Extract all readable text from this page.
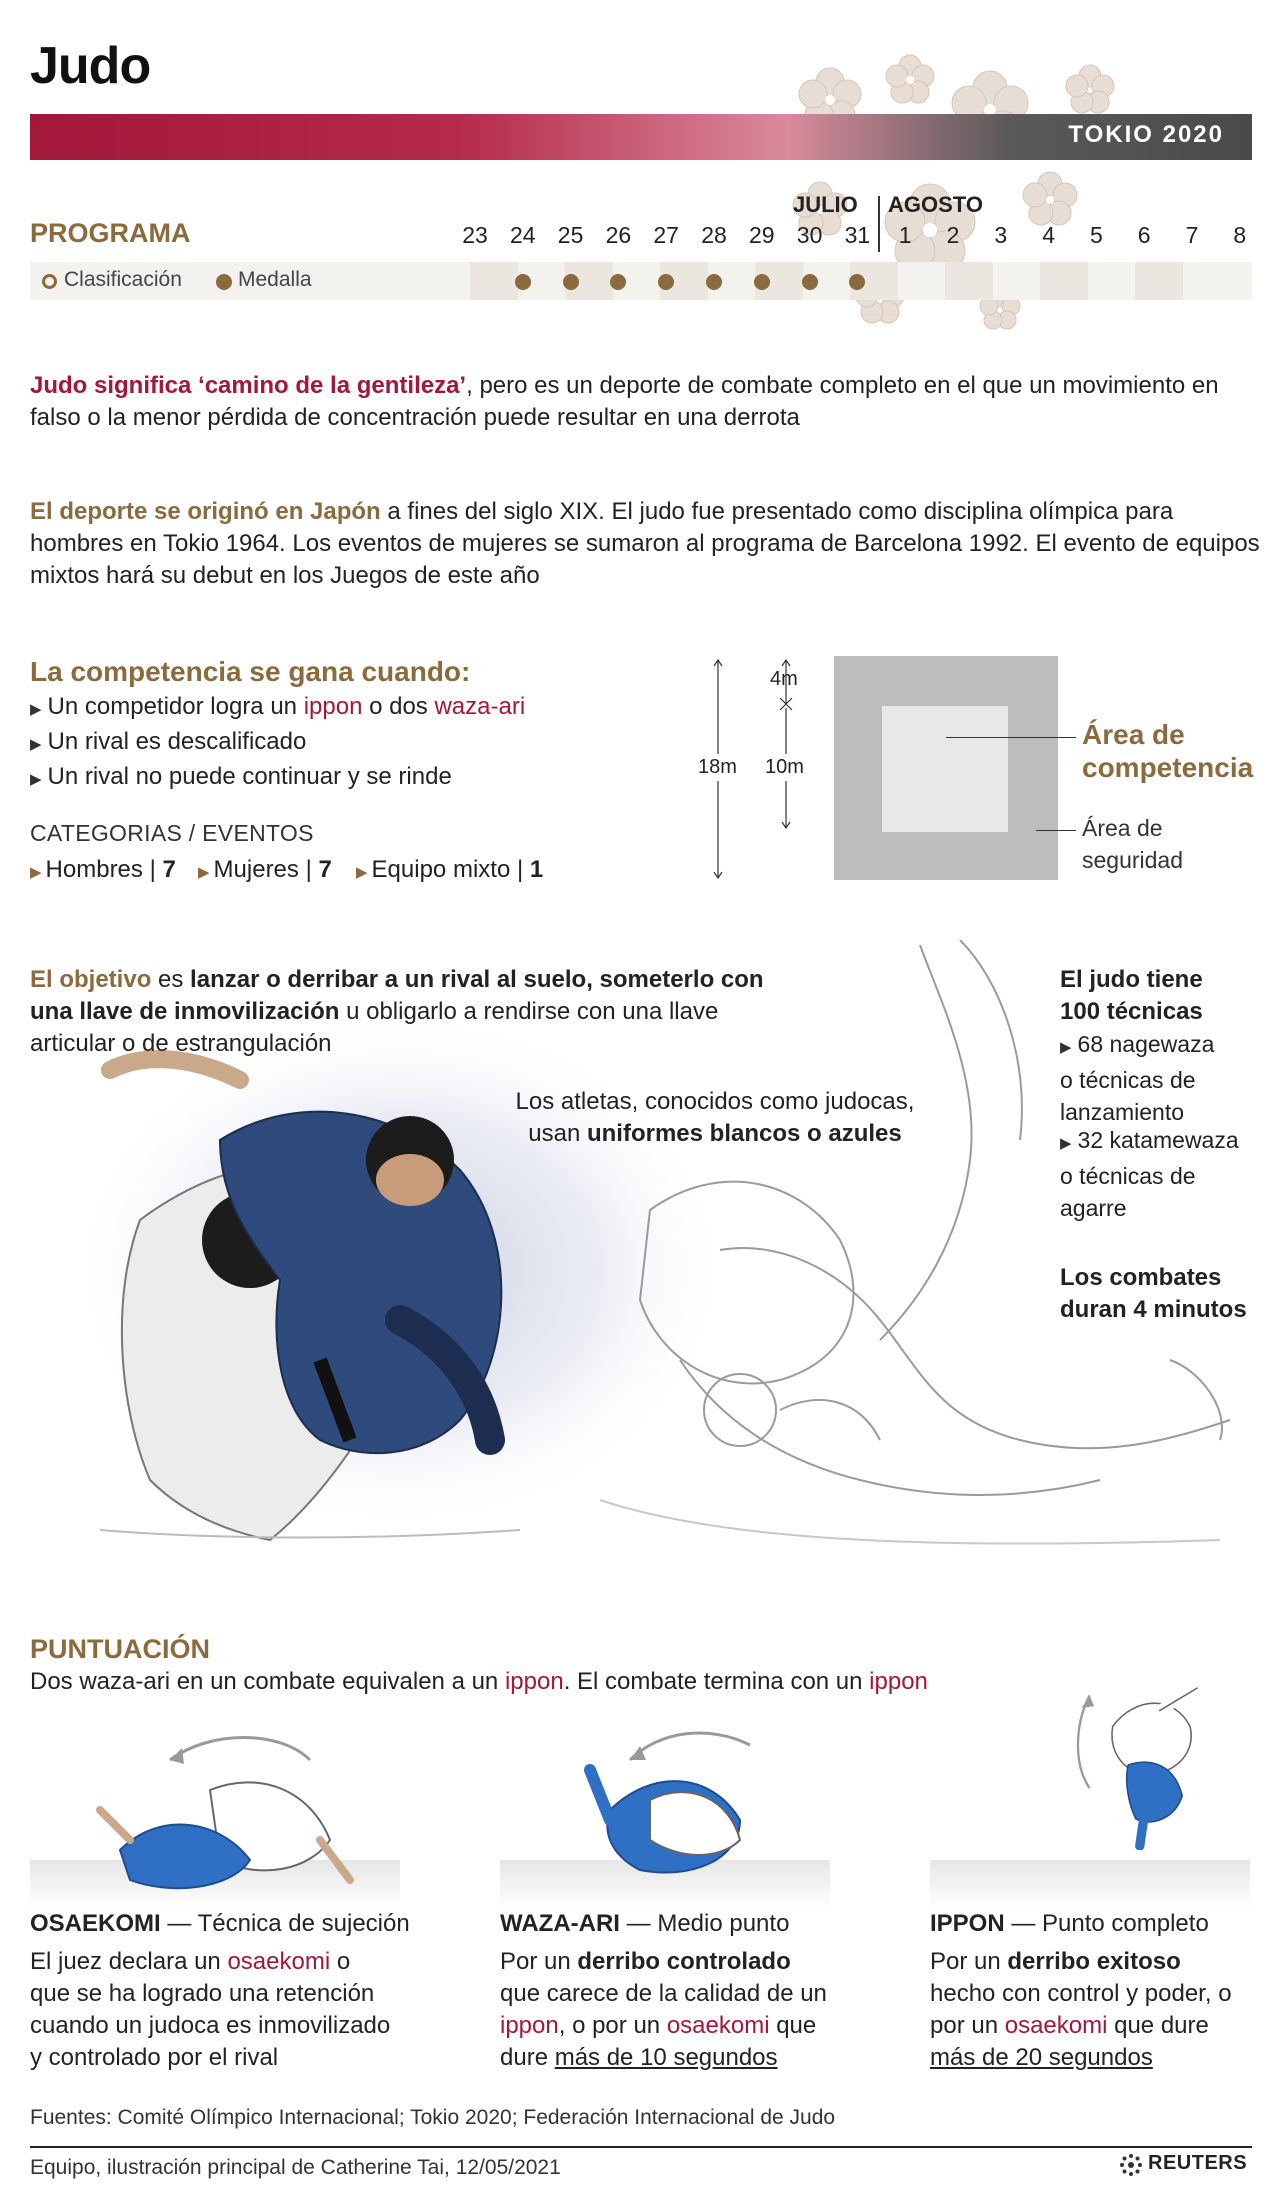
Judo
TOKIO 2020
PROGRAMA
JULIO AGOSTO
23 24 25 26 27 28 29 30 31	1	2	3	4	5	6	7	8
Clasificación	Medalla

Judo significa ‘camino de la gentileza’, pero es un deporte de combate completo en el que un movimiento en falso o la menor pérdida de concentración puede resultar en una derrota

El deporte se originó en Japón a fines del siglo XIX. El judo fue presentado como disciplina olímpica para hombres en Tokio 1964. Los eventos de mujeres se sumaron al programa de Barcelona 1992. El evento de equipos mixtos hará su debut en los Juegos de este año

La competencia se gana cuando:
▶ Un competidor logra un ippon o dos waza-ari
▶ Un rival es descalificado
▶ Un rival no puede continuar y se rinde
CATEGORIAS / EVENTOS
▶ Hombres | 7 ▶ Mujeres | 7 ▶ Equipo mixto | 1
18m
4m
10m
Área de
competencia
Área de
seguridad
El objetivo es lanzar o derribar a un rival al suelo, someterlo con una llave de inmovilización u obligarlo a rendirse con una llave articular o de estrangulación
Los atletas, conocidos como judocas,
usan uniformes blancos o azules
El judo tiene
100 técnicas
▶ 68 nagewaza
o técnicas de
lanzamiento
▶ 32 katamewaza
o técnicas de
agarre
Los combates
duran 4 minutos
PUNTUACIÓN
Dos waza-ari en un combate equivalen a un ippon. El combate termina con un ippon
OSAEKOMI — Técnica de sujeción
El juez declara un osaekomi o
que se ha logrado una retención
cuando un judoca es inmovilizado
y controlado por el rival
WAZA-ARI — Medio punto
Por un derribo controlado
que carece de la calidad de un
ippon, o por un osaekomi que
dure más de 10 segundos
IPPON — Punto completo
Por un derribo exitoso
hecho con control y poder, o
por un osaekomi que dure
más de 20 segundos
Fuentes: Comité Olímpico Internacional; Tokio 2020; Federación Internacional de Judo
Equipo, ilustración principal de Catherine Tai, 12/05/2021	REUTERS
